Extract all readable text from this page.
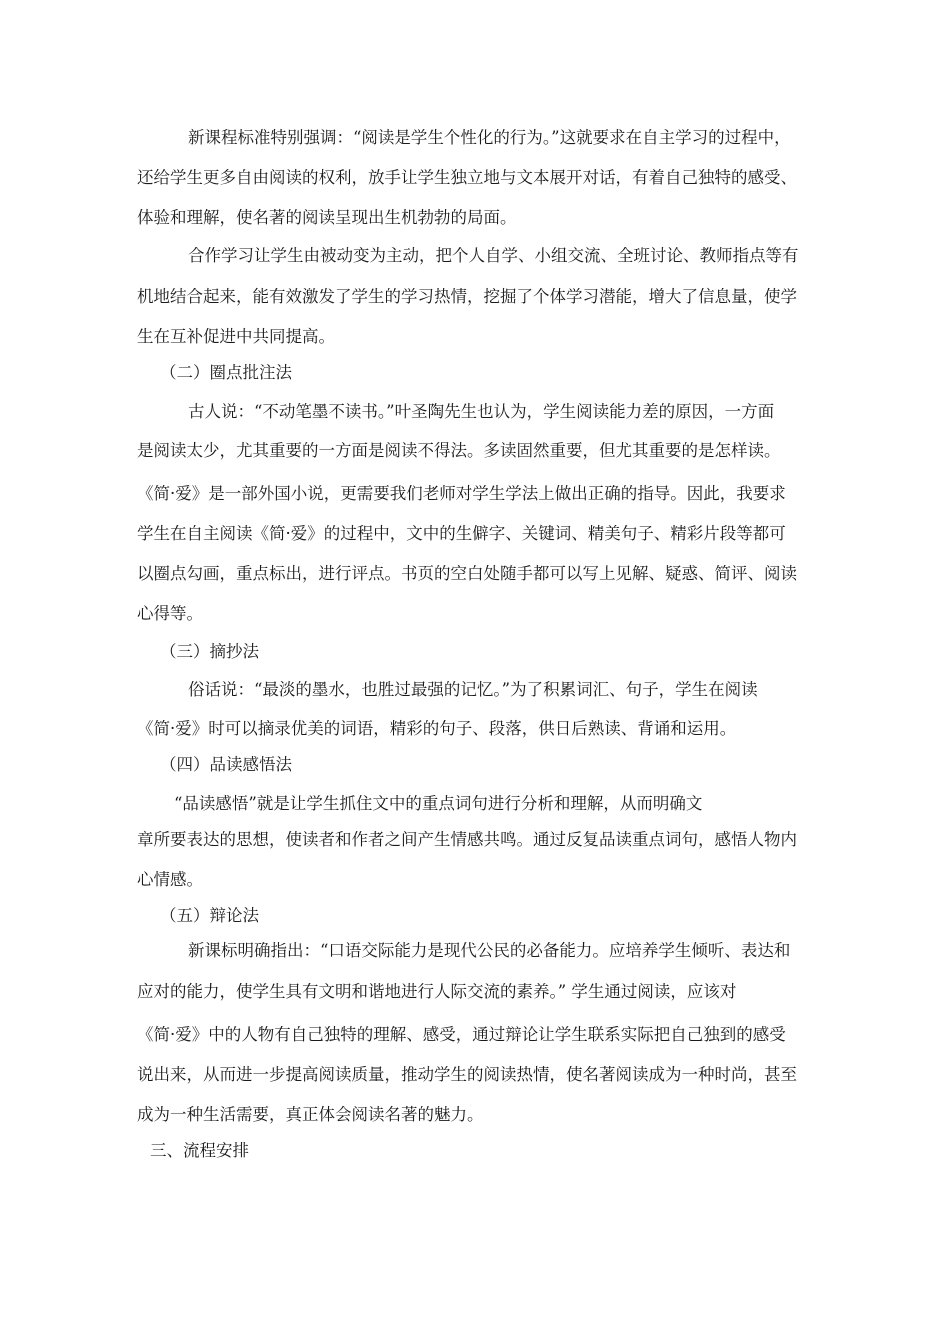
新课程标准特别强调：“阅读是学生个性化的行为。”这就要求在自主学习的过程中，
还给学生更多自由阅读的权利，放手让学生独立地与文本展开对话，有着自己独特的感受、
体验和理解，使名著的阅读呈现出生机勃勃的局面。
合作学习让学生由被动变为主动，把个人自学、小组交流、全班讨论、教师指点等有
机地结合起来，能有效激发了学生的学习热情，挖掘了个体学习潜能，增大了信息量，使学
生在互补促进中共同提高。
（二）圈点批注法
古人说：“不动笔墨不读书。”叶圣陶先生也认为，学生阅读能力差的原因，一方面
是阅读太少，尤其重要的一方面是阅读不得法。多读固然重要，但尤其重要的是怎样读。
《简·爱》是一部外国小说，更需要我们老师对学生学法上做出正确的指导。因此，我要求
学生在自主阅读《简·爱》的过程中，文中的生僻字、关键词、精美句子、精彩片段等都可
以圈点勾画，重点标出，进行评点。书页的空白处随手都可以写上见解、疑惑、简评、阅读
心得等。
（三）摘抄法
俗话说：“最淡的墨水，也胜过最强的记忆。”为了积累词汇、句子，学生在阅读
《简·爱》时可以摘录优美的词语，精彩的句子、段落，供日后熟读、背诵和运用。
（四）品读感悟法
“品读感悟”就是让学生抓住文中的重点词句进行分析和理解，从而明确文
章所要表达的思想，使读者和作者之间产生情感共鸣。通过反复品读重点词句，感悟人物内
心情感。
（五）辩论法
新课标明确指出：“口语交际能力是现代公民的必备能力。应培养学生倾听、表达和
应对的能力，使学生具有文明和谐地进行人际交流的素养。” 学生通过阅读，应该对
《简·爱》中的人物有自己独特的理解、感受，通过辩论让学生联系实际把自己独到的感受
说出来，从而进一步提高阅读质量，推动学生的阅读热情，使名著阅读成为一种时尚，甚至
成为一种生活需要，真正体会阅读名著的魅力。
三、流程安排
